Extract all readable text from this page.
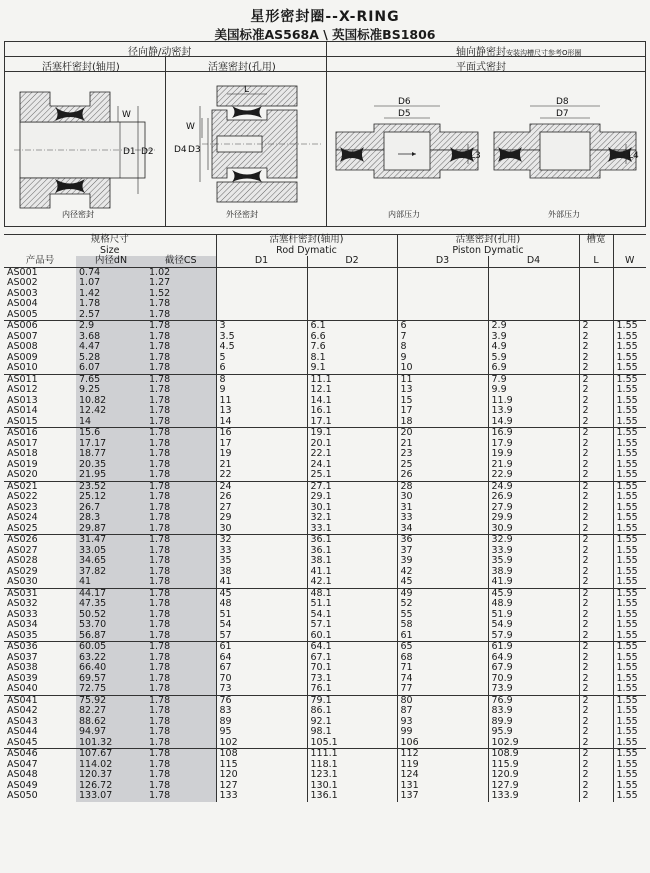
星形密封圈--X-RING
美国标准AS568A \ 英国标准BS1806
径向静/动密封	轴向静密封安装沟槽尺寸参考O形圈
活塞杆密封(轴用)	活塞密封(孔用)	平面式密封
W
D1 D2
内径密封
L
W
D4 D3
外径密封
D6
D5
L3
内部压力
D8
D7
L4
外部压力
规格尺寸			活塞杆密封(轴用)		活塞密封(孔用)		槽宽	
Size			Rod Dymatic		Piston Dymatic			
产品号	内径dN	截径CS	D1	D2	D3	D4	L	W
AS001	0.74	1.02						
AS002	1.07	1.27						
AS003	1.42	1.52						
AS004	1.78	1.78						
AS005	2.57	1.78						
AS006	2.9	1.78	3	6.1	6	2.9	2	1.55
AS007	3.68	1.78	3.5	6.6	7	3.9	2	1.55
AS008	4.47	1.78	4.5	7.6	8	4.9	2	1.55
AS009	5.28	1.78	5	8.1	9	5.9	2	1.55
AS010	6.07	1.78	6	9.1	10	6.9	2	1.55
AS011	7.65	1.78	8	11.1	11	7.9	2	1.55
AS012	9.25	1.78	9	12.1	13	9.9	2	1.55
AS013	10.82	1.78	11	14.1	15	11.9	2	1.55
AS014	12.42	1.78	13	16.1	17	13.9	2	1.55
AS015	14	1.78	14	17.1	18	14.9	2	1.55
AS016	15.6	1.78	16	19.1	20	16.9	2	1.55
AS017	17.17	1.78	17	20.1	21	17.9	2	1.55
AS018	18.77	1.78	19	22.1	23	19.9	2	1.55
AS019	20.35	1.78	21	24.1	25	21.9	2	1.55
AS020	21.95	1.78	22	25.1	26	22.9	2	1.55
AS021	23.52	1.78	24	27.1	28	24.9	2	1.55
AS022	25.12	1.78	26	29.1	30	26.9	2	1.55
AS023	26.7	1.78	27	30.1	31	27.9	2	1.55
AS024	28.3	1.78	29	32.1	33	29.9	2	1.55
AS025	29.87	1.78	30	33.1	34	30.9	2	1.55
AS026	31.47	1.78	32	36.1	36	32.9	2	1.55
AS027	33.05	1.78	33	36.1	37	33.9	2	1.55
AS028	34.65	1.78	35	38.1	39	35.9	2	1.55
AS029	37.82	1.78	38	41.1	42	38.9	2	1.55
AS030	41	1.78	41	42.1	45	41.9	2	1.55
AS031	44.17	1.78	45	48.1	49	45.9	2	1.55
AS032	47.35	1.78	48	51.1	52	48.9	2	1.55
AS033	50.52	1.78	51	54.1	55	51.9	2	1.55
AS034	53.70	1.78	54	57.1	58	54.9	2	1.55
AS035	56.87	1.78	57	60.1	61	57.9	2	1.55
AS036	60.05	1.78	61	64.1	65	61.9	2	1.55
AS037	63.22	1.78	64	67.1	68	64.9	2	1.55
AS038	66.40	1.78	67	70.1	71	67.9	2	1.55
AS039	69.57	1.78	70	73.1	74	70.9	2	1.55
AS040	72.75	1.78	73	76.1	77	73.9	2	1.55
AS041	75.92	1.78	76	79.1	80	76.9	2	1.55
AS042	82.27	1.78	83	86.1	87	83.9	2	1.55
AS043	88.62	1.78	89	92.1	93	89.9	2	1.55
AS044	94.97	1.78	95	98.1	99	95.9	2	1.55
AS045	101.32	1.78	102	105.1	106	102.9	2	1.55
AS046	107.67	1.78	108	111.1	112	108.9	2	1.55
AS047	114.02	1.78	115	118.1	119	115.9	2	1.55
AS048	120.37	1.78	120	123.1	124	120.9	2	1.55
AS049	126.72	1.78	127	130.1	131	127.9	2	1.55
AS050	133.07	1.78	133	136.1	137	133.9	2	1.55
